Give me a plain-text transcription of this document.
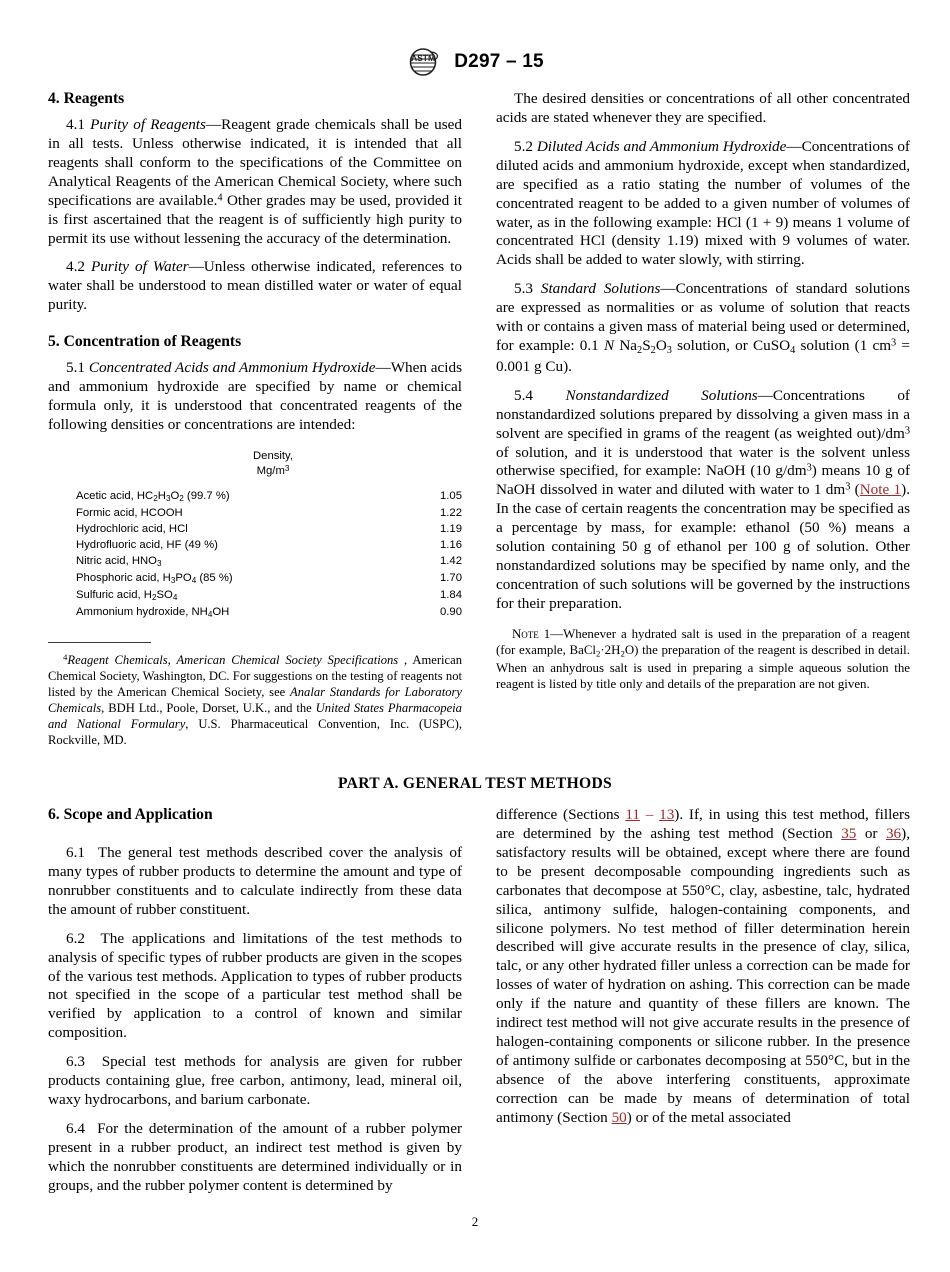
ASTM D297 – 15
4. Reagents

4.1 Purity of Reagents—Reagent grade chemicals shall be used in all tests. Unless otherwise indicated, it is intended that all reagents shall conform to the specifications of the Committee on Analytical Reagents of the American Chemical Society, where such specifications are available.$^4$ Other grades may be used, provided it is first ascertained that the reagent is of sufficiently high purity to permit its use without lessening the accuracy of the determination.

4.2 Purity of Water—Unless otherwise indicated, references to water shall be understood to mean distilled water or water of equal purity.

5. Concentration of Reagents

5.1 Concentrated Acids and Ammonium Hydroxide—When acids and ammonium hydroxide are specified by name or chemical formula only, it is understood that concentrated reagents of the following densities or concentrations are intended:

Density,
$Mg/m^3$
Acetic acid, $HC_2H_3O_2$ (99.7 %)	1.05
Formic acid, HCOOH	1.22
Hydrochloric acid, HCl	1.19
Hydrofluoric acid, HF (49 %)	1.16
Nitric acid, $HNO_3$	1.42
Phosphoric acid, $H_3PO_4$ (85 %)	1.70
Sulfuric acid, $H_2SO_4$	1.84
Ammonium hydroxide, $NH_4OH$	0.90

$^4$Reagent Chemicals, American Chemical Society Specifications , American Chemical Society, Washington, DC. For suggestions on the testing of reagents not listed by the American Chemical Society, see Analar Standards for Laboratory Chemicals, BDH Ltd., Poole, Dorset, U.K., and the United States Pharmacopeia and National Formulary, U.S. Pharmaceutical Convention, Inc. (USPC), Rockville, MD.

The desired densities or concentrations of all other concentrated acids are stated whenever they are specified.

5.2 Diluted Acids and Ammonium Hydroxide—Concentrations of diluted acids and ammonium hydroxide, except when standardized, are specified as a ratio stating the number of volumes of the concentrated reagent to be added to a given number of volumes of water, as in the following example: HCl (1 + 9) means 1 volume of concentrated HCl (density 1.19) mixed with 9 volumes of water. Acids shall be added to water slowly, with stirring.

5.3 Standard Solutions—Concentrations of standard solutions are expressed as normalities or as volume of solution that reacts with or contains a given mass of material being used or determined, for example: 0.1 N $Na_2S_2O_3$ solution, or CuSO$_4$ solution (1 $cm^3 = 0.001$ g Cu).

5.4 Nonstandardized Solutions—Concentrations of nonstandardized solutions prepared by dissolving a given mass in a solvent are specified in grams of the reagent (as weighted $out)/dm^3$ of solution, and it is understood that water is the solvent unless otherwise specified, for example: NaOH (10 $g/dm^3$) means 10 g of NaOH dissolved in water and diluted with water to 1 $dm^3$ (Note 1). In the case of certain reagents the concentration may be specified as a percentage by mass, for example: ethanol (50 %) means a solution containing 50 g of ethanol per 100 g of solution. Other nonstandardized solutions may be specified by name only, and the concentration of such solutions will be governed by the instructions for their preparation.

Note 1—Whenever a hydrated salt is used in the preparation of a reagent (for example, $BaCl_2\cdot 2H_2O$) the preparation of the reagent is described in detail. When an anhydrous salt is used in preparing a simple aqueous solution the reagent is listed by title only and details of the preparation are not given.

PART A. GENERAL TEST METHODS
6. Scope and Application

6.1 The general test methods described cover the analysis of many types of rubber products to determine the amount and type of nonrubber constituents and to calculate indirectly from these data the amount of rubber constituent.

6.2 The applications and limitations of the test methods to analysis of specific types of rubber products are given in the scopes of the various test methods. Application to types of rubber products not specified in the scope of a particular test method shall be verified by application to a control of known and similar composition.

6.3 Special test methods for analysis are given for rubber products containing glue, free carbon, antimony, lead, mineral oil, waxy hydrocarbons, and barium carbonate.

6.4 For the determination of the amount of a rubber polymer present in a rubber product, an indirect test method is given by which the nonrubber constituents are determined individually or in groups, and the rubber polymer content is determined by

difference (Sections 11 – 13). If, in using this test method, fillers are determined by the ashing test method (Section 35 or 36), satisfactory results will be obtained, except where there are found to be present decomposable compounding ingredients such as carbonates that decompose at 550°C, clay, asbestine, talc, hydrated silica, antimony sulfide, halogen-containing components, and silicone polymers. No test method of filler determination herein described will give accurate results in the presence of clay, silica, talc, or any other hydrated filler unless a correction can be made for losses of water of hydration on ashing. This correction can be made only if the nature and quantity of these fillers are known. The indirect test method will not give accurate results in the presence of halogen-containing components or silicone rubber. In the presence of antimony sulfide or carbonates decomposing at 550°C, but in the absence of the above interfering constituents, approximate correction can be made by means of determination of total antimony (Section 50) or of the metal associated

2
